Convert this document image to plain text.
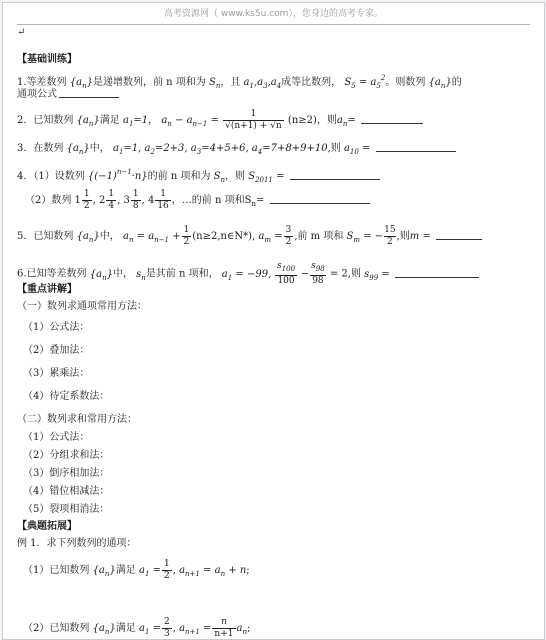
高考资源网（ www.ks5u.com），您身边的高考专家。
↵
【基础训练】
1.等差数列 $\{a_n\}$是递增数列，前 n 项和为 $S_n$，且 $a_1,a_3,a_4$成等比数列， $S_5 = a_5^2$。则数列 $\{a_n\}$的
通项公式
2．已知数列 $\{a_n\}$满足 $a_1=1$， $a_n - a_{n-1} = \frac{1}{√(n+1) + √n} (n\ge 2)$，则$a_n=$
3．在数列 $\{a_n\}$中， $a_1=1$, $a_2=2+3$, $a_3=4+5+6$, $a_4=7+8+9+10$,则 $a_{10}$ =
4．（1）设数列 $\{(-1)^{n-1}\cdot n\}$的前 n 项和为 $S_n$，则 $S_{2011}$ =
（2）数列 $1 \frac{1}{2}$ , $2 \frac{1}{4}$ , $3 \frac{1}{8}$ , $4 \frac{1}{16}$ ，…的前 n 项和$S_n=$
5．已知数列 $\{a_n\}$中， $a_n = a_{n-1} + \frac{1}{2}$ (n≥2,n∈N*), $a_m = \frac{3}{2}$ ,前 m 项和 $S_m$ = − $\frac{15}{2}$ ,则m =
6.已知等差数列 $\{a_n\}$中， $s_n$是其前 n 项和， $a_1 = -99$, $\frac{s_{100}}{100} - \frac{s_{98}}{98} = 2$,则 $s_{99}$ =
【重点讲解】
（一）数列求通项常用方法：
（1）公式法：
（2）叠加法：
（3）累乘法：
（4）待定系数法：
（二）数列求和常用方法：
（1）公式法：
（2）分组求和法：
（3）倒序相加法：
（4）错位相减法：
（5）裂项相消法：
【典题拓展】
例 1．求下列数列的通项：
（1）已知数列 $\{a_n\}$满足 $a_1 = \frac{1}{2}$ , $a_{n+1} = a_n + n$;
（2）已知数列 $\{a_n\}$满足 $a_1 = \frac{2}{3}$ , $a_{n+1} = \frac{n}{n+1} a_n$;
